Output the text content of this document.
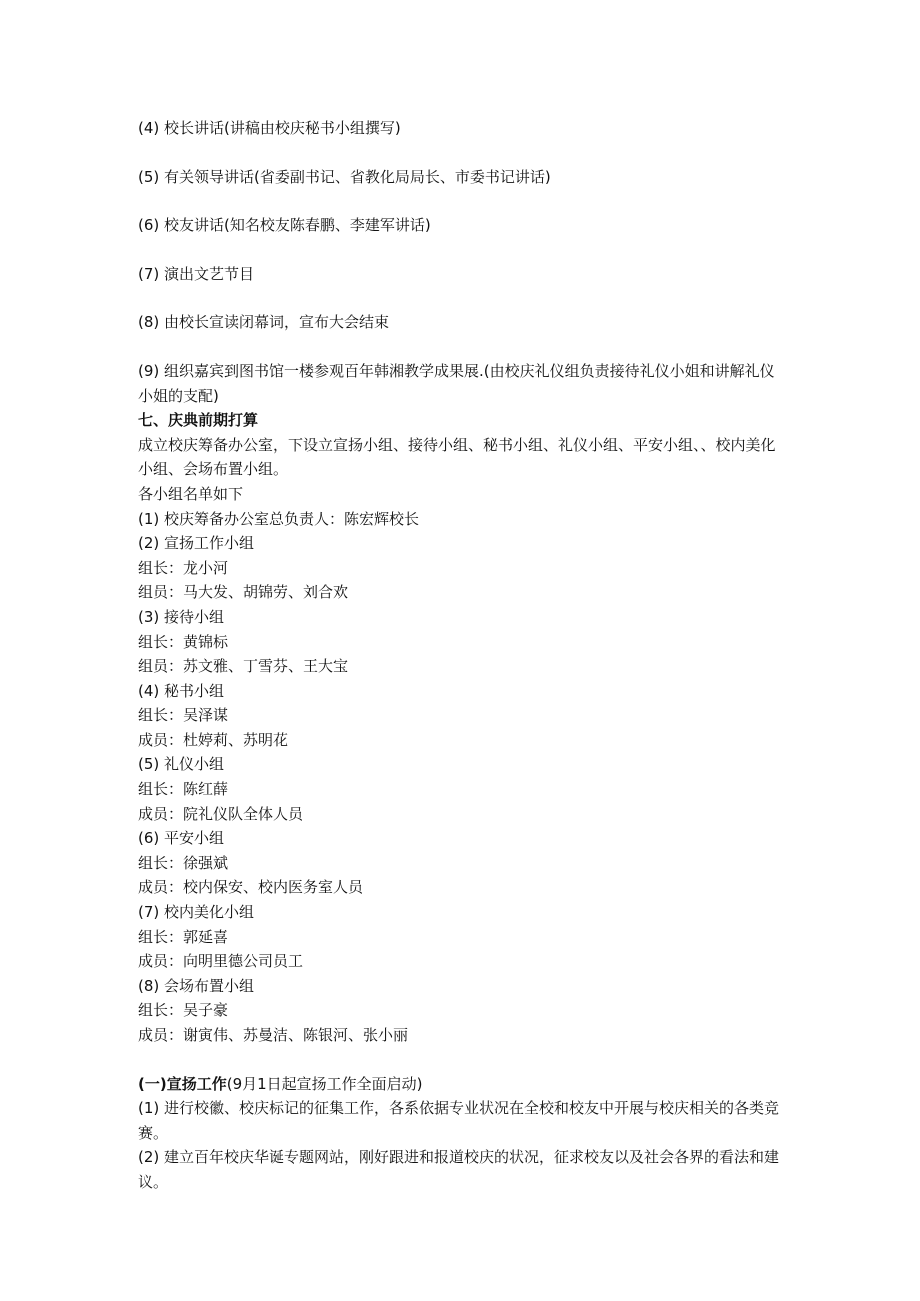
(4) 校长讲话(讲稿由校庆秘书小组撰写)
(5) 有关领导讲话(省委副书记、省教化局局长、市委书记讲话)
(6) 校友讲话(知名校友陈春鹏、李建军讲话)
(7) 演出文艺节目
(8) 由校长宣读闭幕词，宣布大会结束
(9) 组织嘉宾到图书馆一楼参观百年韩湘教学成果展.(由校庆礼仪组负责接待礼仪小姐和讲解礼仪小姐的支配)
七、庆典前期打算
成立校庆筹备办公室，下设立宣扬小组、接待小组、秘书小组、礼仪小组、平安小组、、校内美化小组、会场布置小组。
各小组名单如下
(1) 校庆筹备办公室总负责人：陈宏辉校长
(2) 宣扬工作小组
组长：龙小河
组员：马大发、胡锦劳、刘合欢
(3) 接待小组
组长：黄锦标
组员：苏文雅、丁雪芬、王大宝
(4) 秘书小组
组长：吴泽谋
成员：杜婷莉、苏明花
(5) 礼仪小组
组长：陈红薛
成员：院礼仪队全体人员
(6) 平安小组
组长：徐强斌
成员：校内保安、校内医务室人员
(7) 校内美化小组
组长：郭延喜
成员：向明里德公司员工
(8) 会场布置小组
组长：吴子豪
成员：谢寅伟、苏曼洁、陈银河、张小丽
(一)宣扬工作(9月1日起宣扬工作全面启动)
(1) 进行校徽、校庆标记的征集工作，各系依据专业状况在全校和校友中开展与校庆相关的各类竞赛。
(2) 建立百年校庆华诞专题网站，刚好跟进和报道校庆的状况，征求校友以及社会各界的看法和建议。
